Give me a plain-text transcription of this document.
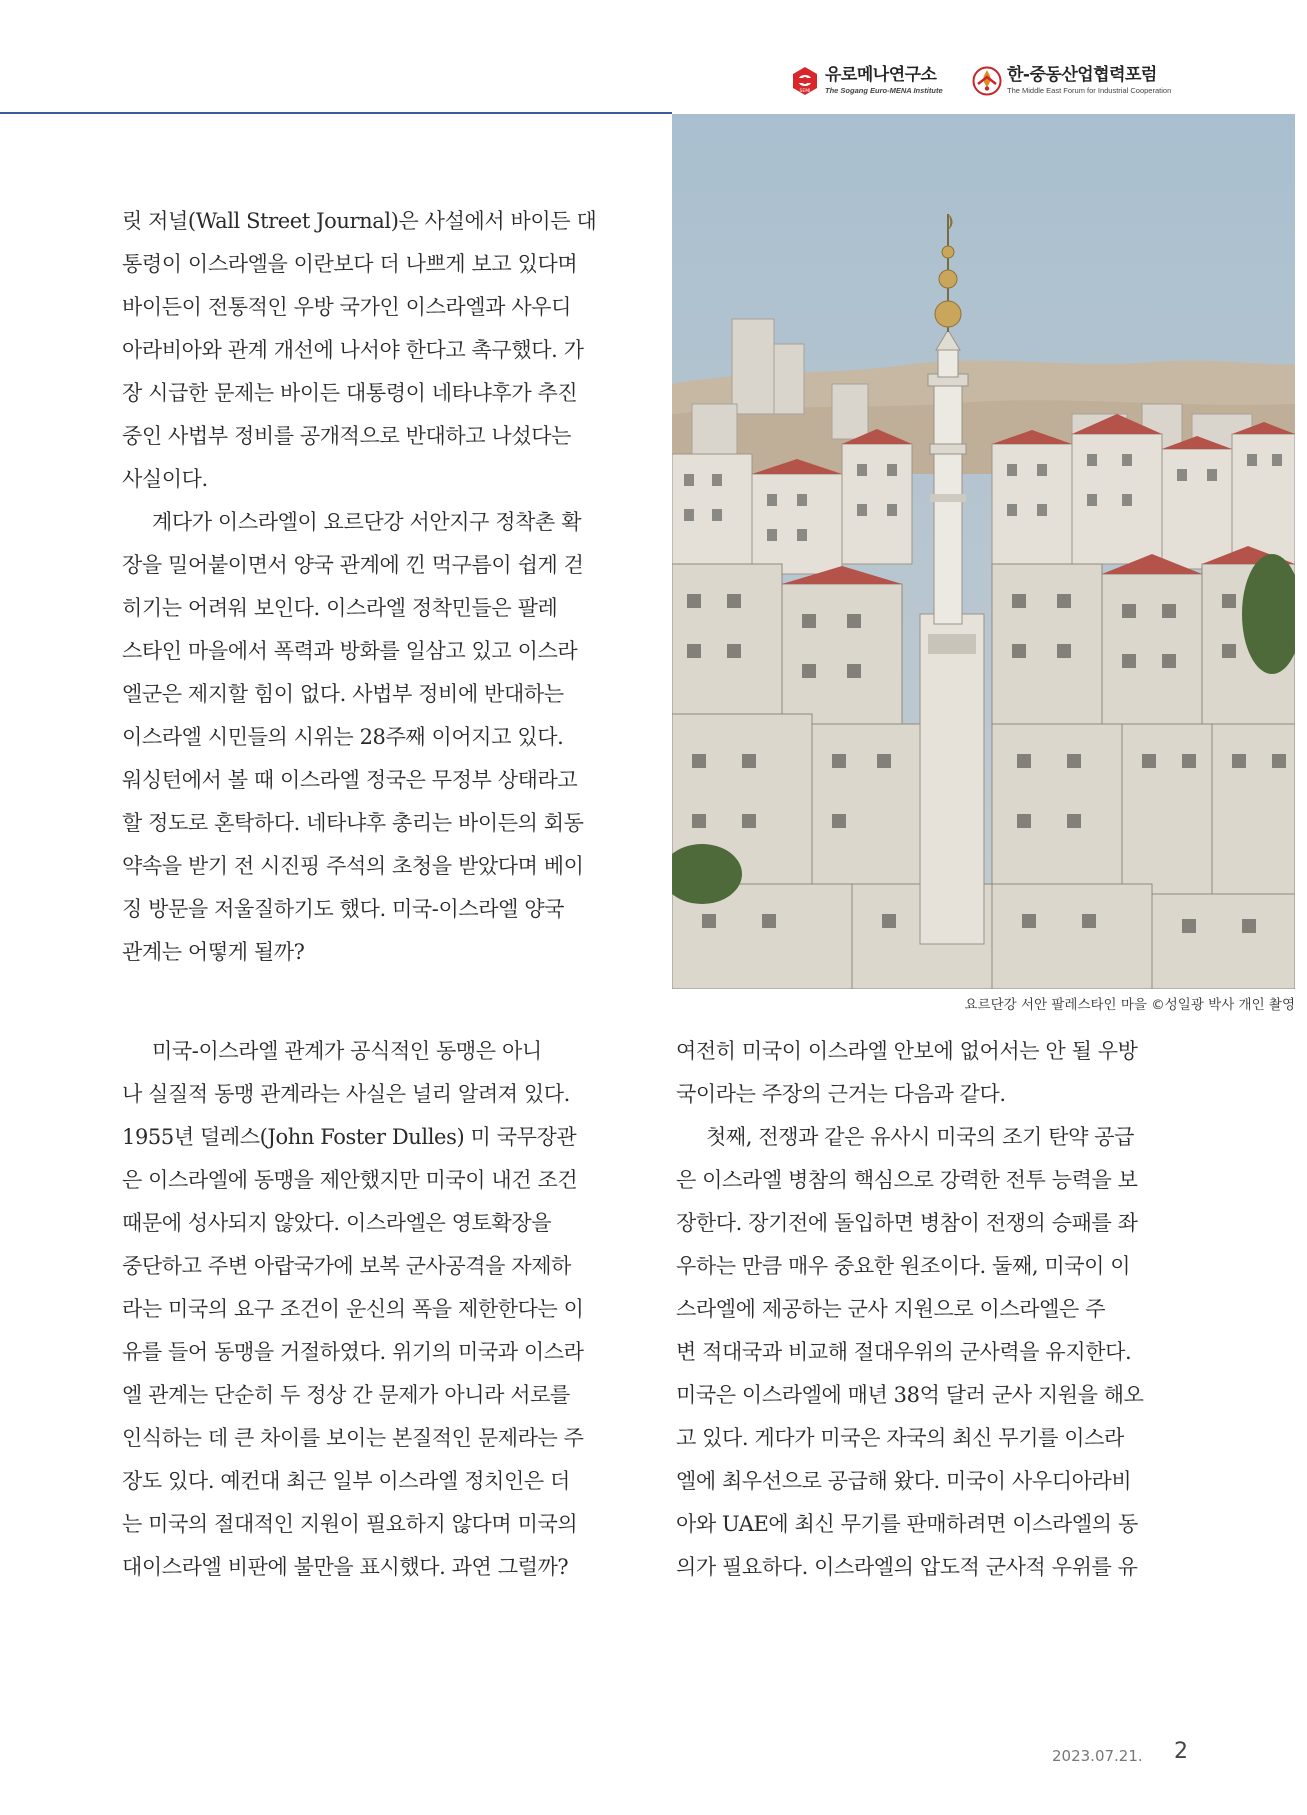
SEMI
유로메나연구소
The Sogang Euro-MENA Institute
한-중동산업협력포럼
The Middle East Forum for Industrial Cooperation
요르단강 서안 팔레스타인 마을 ©성일광 박사 개인 촬영

릿 저널(Wall Street Journal)은 사설에서 바이든 대

통령이 이스라엘을 이란보다 더 나쁘게 보고 있다며

바이든이 전통적인 우방 국가인 이스라엘과 사우디

아라비아와 관계 개선에 나서야 한다고 촉구했다. 가

장 시급한 문제는 바이든 대통령이 네타냐후가 추진

중인 사법부 정비를 공개적으로 반대하고 나섰다는

사실이다.

계다가 이스라엘이 요르단강 서안지구 정착촌 확

장을 밀어붙이면서 양국 관계에 낀 먹구름이 쉽게 걷

히기는 어려워 보인다. 이스라엘 정착민들은 팔레

스타인 마을에서 폭력과 방화를 일삼고 있고 이스라

엘군은 제지할 힘이 없다. 사법부 정비에 반대하는

이스라엘 시민들의 시위는 28주째 이어지고 있다.

워싱턴에서 볼 때 이스라엘 정국은 무정부 상태라고

할 정도로 혼탁하다. 네타냐후 총리는 바이든의 회동

약속을 받기 전 시진핑 주석의 초청을 받았다며 베이

징 방문을 저울질하기도 했다. 미국-이스라엘 양국

관계는 어떻게 될까?

미국-이스라엘 관계가 공식적인 동맹은 아니

나 실질적 동맹 관계라는 사실은 널리 알려져 있다.

1955년 덜레스(John Foster Dulles) 미 국무장관

은 이스라엘에 동맹을 제안했지만 미국이 내건 조건

때문에 성사되지 않았다. 이스라엘은 영토확장을

중단하고 주변 아랍국가에 보복 군사공격을 자제하

라는 미국의 요구 조건이 운신의 폭을 제한한다는 이

유를 들어 동맹을 거절하였다. 위기의 미국과 이스라

엘 관계는 단순히 두 정상 간 문제가 아니라 서로를

인식하는 데 큰 차이를 보이는 본질적인 문제라는 주

장도 있다. 예컨대 최근 일부 이스라엘 정치인은 더

는 미국의 절대적인 지원이 필요하지 않다며 미국의

대이스라엘 비판에 불만을 표시했다. 과연 그럴까?

여전히 미국이 이스라엘 안보에 없어서는 안 될 우방

국이라는 주장의 근거는 다음과 같다.

첫째, 전쟁과 같은 유사시 미국의 조기 탄약 공급

은 이스라엘 병참의 핵심으로 강력한 전투 능력을 보

장한다. 장기전에 돌입하면 병참이 전쟁의 승패를 좌

우하는 만큼 매우 중요한 원조이다. 둘째, 미국이 이

스라엘에 제공하는 군사 지원으로 이스라엘은 주

변 적대국과 비교해 절대우위의 군사력을 유지한다.

미국은 이스라엘에 매년 38억 달러 군사 지원을 해오

고 있다. 게다가 미국은 자국의 최신 무기를 이스라

엘에 최우선으로 공급해 왔다. 미국이 사우디아라비

아와 UAE에 최신 무기를 판매하려면 이스라엘의 동

의가 필요하다. 이스라엘의 압도적 군사적 우위를 유

2023.07.21. 2
